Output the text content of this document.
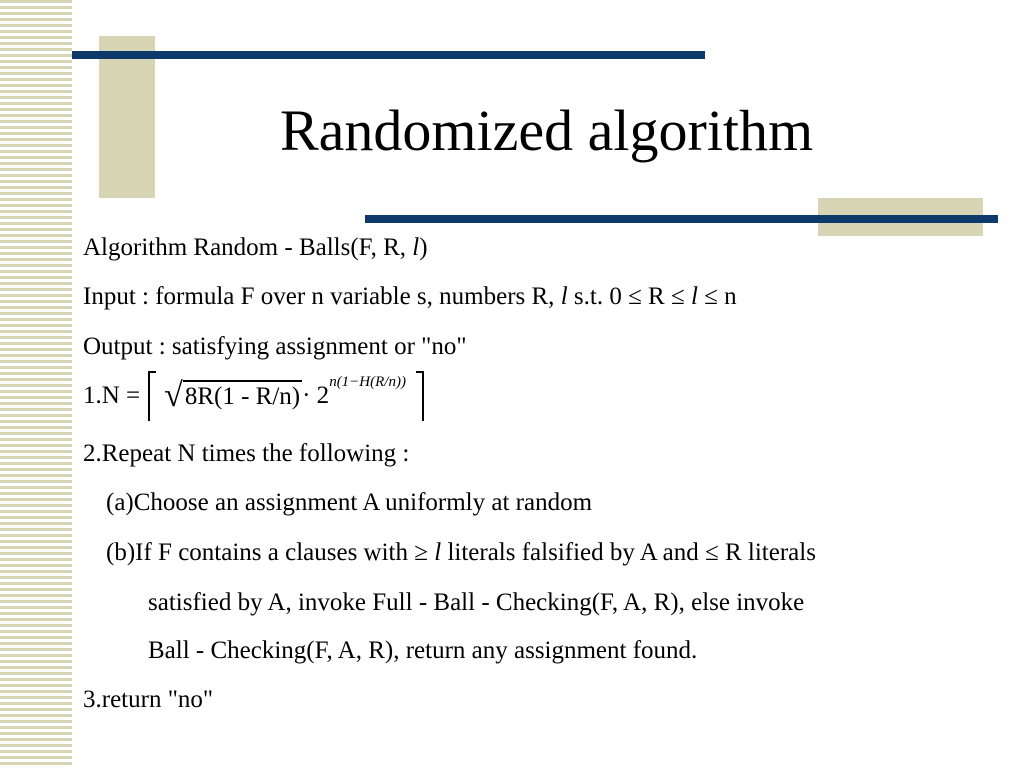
Randomized algorithm
Algorithm Random - Balls(F, R, l)
Input : formula F over n variable s, numbers R, l s.t. 0 ≤ R ≤ l ≤ n
Output : satisfying assignment or "no"
1.N = √ 8R(1 - R/n) · 2 n(1−H(R/n))
2.Repeat N times the following :
(a)Choose an assignment A uniformly at random
(b)If F contains a clauses with ≥ l literals falsified by A and ≤ R literals
satisfied by A, invoke Full - Ball - Checking(F, A, R), else invoke
Ball - Checking(F, A, R), return any assignment found.
3.return "no"
